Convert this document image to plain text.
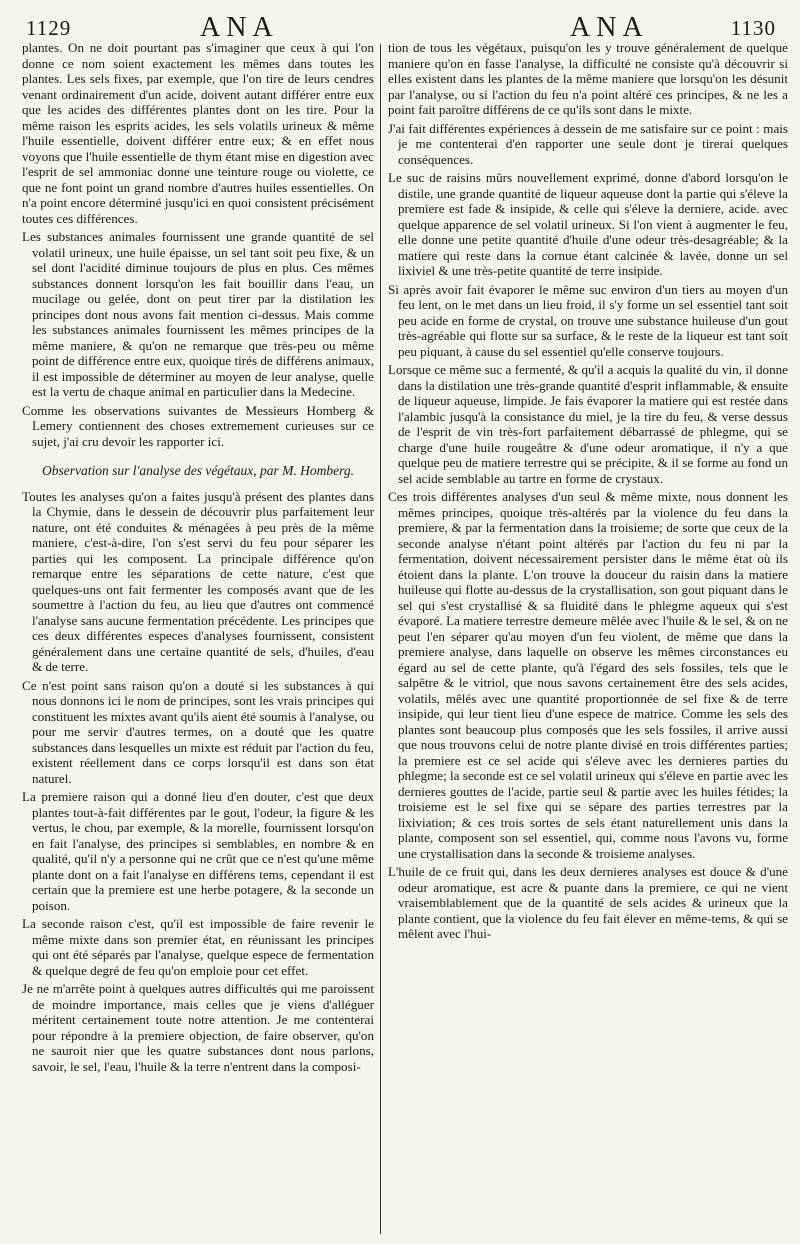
1129	ANA	ANA	1130

plantes. On ne doit pourtant pas s'imaginer que ceux à qui l'on donne ce nom soient exactement les mêmes dans toutes les plantes. Les sels fixes, par exemple, que l'on tire de leurs cendres venant ordinairement d'un acide, doivent autant différer entre eux que les acides des différentes plantes dont on les tire. Pour la même raison les esprits acides, les sels volatils urineux & même l'huile essentielle, doivent différer entre eux; & en effet nous voyons que l'huile essentielle de thym étant mise en digestion avec l'esprit de sel ammoniac donne une teinture rouge ou violette, ce que ne font point un grand nombre d'autres huiles essentielles. On n'a point encore déterminé jusqu'ici en quoi consistent précisément toutes ces différences.

Les substances animales fournissent une grande quantité de sel volatil urineux, une huile épaisse, un sel tant soit peu fixe, & un sel dont l'acidité diminue toujours de plus en plus. Ces mêmes substances donnent lorsqu'on les fait bouillir dans l'eau, un mucilage ou gelée, dont on peut tirer par la distilation les principes dont nous avons fait mention ci-dessus. Mais comme les substances animales fournissent les mêmes principes de la même maniere, & qu'on ne remarque que très-peu ou même point de différence entre eux, quoique tirés de différens animaux, il est impossible de déterminer au moyen de leur analyse, quelle est la vertu de chaque animal en particulier dans la Medecine.

Comme les observations suivantes de Messieurs Homberg & Lemery contiennent des choses extremement curieuses sur ce sujet, j'ai cru devoir les rapporter ici.

Observation sur l'analyse des végétaux, par M. Homberg.

Toutes les analyses qu'on a faites jusqu'à présent des plantes dans la Chymie, dans le dessein de découvrir plus parfaitement leur nature, ont été conduites & ménagées à peu près de la même maniere, c'est-à-dire, l'on s'est servi du feu pour séparer les parties qui les composent. La principale différence qu'on remarque entre les séparations de cette nature, c'est que quelques-uns ont fait fermenter les composés avant que de les soumettre à l'action du feu, au lieu que d'autres ont commencé l'analyse sans aucune fermentation précédente. Les principes que ces deux différentes especes d'analyses fournissent, consistent généralement dans une certaine quantité de sels, d'huiles, d'eau & de terre.

Ce n'est point sans raison qu'on a douté si les substances à qui nous donnons ici le nom de principes, sont les vrais principes qui constituent les mixtes avant qu'ils aient été soumis à l'analyse, ou pour me servir d'autres termes, on a douté que les quatre substances dans lesquelles un mixte est réduit par l'action du feu, existent réellement dans ce corps lorsqu'il est dans son état naturel.

La premiere raison qui a donné lieu d'en douter, c'est que deux plantes tout-à-fait différentes par le gout, l'odeur, la figure & les vertus, le chou, par exemple, & la morelle, fournissent lorsqu'on en fait l'analyse, des principes si semblables, en nombre & en qualité, qu'il n'y a personne qui ne crût que ce n'est qu'une même plante dont on a fait l'analyse en différens tems, cependant il est certain que la premiere est une herbe potagere, & la seconde un poison.

La seconde raison c'est, qu'il est impossible de faire revenir le même mixte dans son premier état, en réunissant les principes qui ont été séparés par l'analyse, quelque espece de fermentation & quelque degré de feu qu'on emploie pour cet effet.

Je ne m'arrête point à quelques autres difficultés qui me paroissent de moindre importance, mais celles que je viens d'alléguer méritent certainement toute notre attention. Je me contenterai pour répondre à la premiere objection, de faire observer, qu'on ne sauroit nier que les quatre substances dont nous parlons, savoir, le sel, l'eau, l'huile & la terre n'entrent dans la composi-

tion de tous les végétaux, puisqu'on les y trouve généralement de quelque maniere qu'on en fasse l'analyse, la difficulté ne consiste qu'à découvrir si elles existent dans les plantes de la même maniere que lorsqu'on les désunit par l'analyse, ou si l'action du feu n'a point altéré ces principes, & ne les a point fait paroître différens de ce qu'ils sont dans le mixte.

J'ai fait différentes expériences à dessein de me satisfaire sur ce point : mais je me contenterai d'en rapporter une seule dont je tirerai quelques conséquences.

Le suc de raisins mûrs nouvellement exprimé, donne d'abord lorsqu'on le distile, une grande quantité de liqueur aqueuse dont la partie qui s'éleve la premiere est fade & insipide, & celle qui s'éleve la derniere, acide. avec quelque apparence de sel volatil urineux. Si l'on vient à augmenter le feu, elle donne une petite quantité d'huile d'une odeur très-desagréable; & la matiere qui reste dans la cornue étant calcinée & lavée, donne un sel lixiviel & une très-petite quantité de terre insipide.

Si après avoir fait évaporer le même suc environ d'un tiers au moyen d'un feu lent, on le met dans un lieu froid, il s'y forme un sel essentiel tant soit peu acide en forme de crystal, on trouve une substance huileuse d'un gout très-agréable qui flotte sur sa surface, & le reste de la liqueur est tant soit peu piquant, à cause du sel essentiel qu'elle conserve toujours.

Lorsque ce même suc a fermenté, & qu'il a acquis la qualité du vin, il donne dans la distilation une très-grande quantité d'esprit inflammable, & ensuite de liqueur aqueuse, limpide. Je fais évaporer la matiere qui est restée dans l'alambic jusqu'à la consistance du miel, je la tire du feu, & verse dessus de l'esprit de vin très-fort parfaitement débarrassé de phlegme, qui se charge d'une huile rougeâtre & d'une odeur aromatique, il n'y a que quelque peu de matiere terrestre qui se précipite, & il se forme au fond un sel acide semblable au tartre en forme de crystaux.

Ces trois différentes analyses d'un seul & même mixte, nous donnent les mêmes principes, quoique très-altérés par la violence du feu dans la premiere, & par la fermentation dans la troisieme; de sorte que ceux de la seconde analyse n'étant point altérés par l'action du feu ni par la fermentation, doivent nécessairement persister dans le même état où ils étoient dans la plante. L'on trouve la douceur du raisin dans la matiere huileuse qui flotte au-dessus de la crystallisation, son gout piquant dans le sel qui s'est crystallisé & sa fluidité dans le phlegme aqueux qui s'est évaporé. La matiere terrestre demeure mêlée avec l'huile & le sel, & on ne peut l'en séparer qu'au moyen d'un feu violent, de même que dans la premiere analyse, dans laquelle on observe les mêmes circonstances eu égard au sel de cette plante, qu'à l'égard des sels fossiles, tels que le salpêtre & le vitriol, que nous savons certainement être des sels acides, volatils, mêlés avec une quantité proportionnée de sel fixe & de terre insipide, qui leur tient lieu d'une espece de matrice. Comme les sels des plantes sont beaucoup plus composés que les sels fossiles, il arrive aussi que nous trouvons celui de notre plante divisé en trois différentes parties; la premiere est ce sel acide qui s'éleve avec les dernieres parties du phlegme; la seconde est ce sel volatil urineux qui s'éleve en partie avec les dernieres gouttes de l'acide, partie seul & partie avec les huiles fétides; la troisieme est le sel fixe qui se sépare des parties terrestres par la lixiviation; & ces trois sortes de sels étant naturellement unis dans la plante, composent son sel essentiel, qui, comme nous l'avons vu, forme une crystallisation dans la seconde & troisieme analyses.

L'huile de ce fruit qui, dans les deux dernieres analyses est douce & d'une odeur aromatique, est acre & puante dans la premiere, ce qui ne vient vraisemblablement que de la quantité de sels acides & urineux que la plante contient, que la violence du feu fait élever en même-tems, & qui se mêlent avec l'hui-
